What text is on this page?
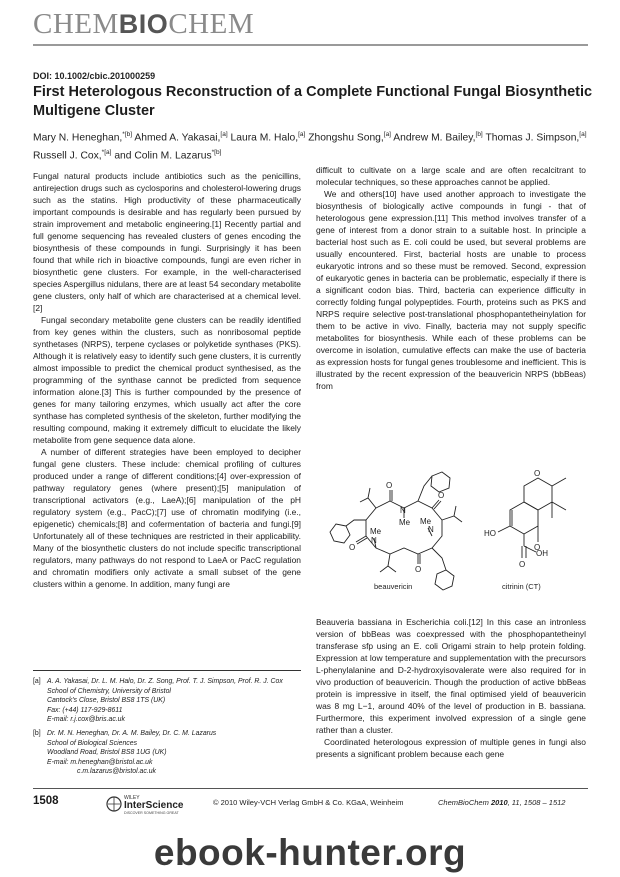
CHEMBIOCHEM
DOI: 10.1002/cbic.201000259
First Heterologous Reconstruction of a Complete Functional Fungal Biosynthetic Multigene Cluster
Mary N. Heneghan,$^{*[b]}$ Ahmed A. Yakasai,[a] Laura M. Halo,[a] Zhongshu Song,[a] Andrew M. Bailey,[b] Thomas J. Simpson,[a] Russell J. Cox,$^{*[a]}$ and Colin M. Lazarus$^{*[b]}$

Fungal natural products include antibiotics such as the penicillins, antirejection drugs such as cyclosporins and cholesterol-lowering drugs such as the statins. High productivity of these pharmaceutically important compounds is desirable and has regularly been pursued by strain improvement and metabolic engineering.[1] Recently partial and full genome sequencing has revealed clusters of genes encoding the biosynthesis of these compounds in fungi. Surprisingly it has been found that while rich in bioactive compounds, fungi are even richer in biosynthetic gene clusters. For example, in the well-characterised species Aspergillus nidulans, there are at least 54 secondary metabolite gene clusters, only half of which are characterised at a chemical level.[2]

Fungal secondary metabolite gene clusters can be readily identified from key genes within the clusters, such as nonribosomal peptide synthetases (NRPS), terpene cyclases or polyketide synthases (PKS). Although it is relatively easy to identify such gene clusters, it is currently almost impossible to predict the chemical product synthesised, as the programming of the synthase cannot be predicted from sequence information alone.[3] This is further compounded by the presence of genes for many tailoring enzymes, which usually act after the core synthase has completed synthesis of the skeleton, further modifying the resulting compound, making it extremely difficult to elucidate the likely metabolite from gene sequence data alone.

A number of different strategies have been employed to decipher fungal gene clusters. These include: chemical profiling of cultures produced under a range of different conditions;[4] over-expression of pathway regulatory genes (where present);[5] manipulation of transcriptional activators (e.g., LaeA);[6] manipulation of the pH regulatory system (e.g., PacC);[7] use of chromatin modifying (i.e., epigenetic) chemicals;[8] and cofermentation of bacteria and fungi.[9] Unfortunately all of these techniques are restricted in their applicability. Many of the biosynthetic clusters do not include specific transcriptional regulators, many pathways do not respond to LaeA or PacC regulation and chromatin modifiers only activate a small subset of the gene clusters within a genome. In addition, many fungi are

[a] A. A. Yakasai, Dr. L. M. Halo, Dr. Z. Song, Prof. T. J. Simpson, Prof. R. J. Cox
School of Chemistry, University of Bristol
Cantock's Close, Bristol BS8 1TS (UK)
Fax: (+44) 117-929-8611
E-mail: r.j.cox@bris.ac.uk
[b] Dr. M. N. Heneghan, Dr. A. M. Bailey, Dr. C. M. Lazarus
School of Biological Sciences
Woodland Road, Bristol BS8 1UG (UK)
E-mail: m.heneghan@bristol.ac.uk
c.m.lazarus@bristol.ac.uk

difficult to cultivate on a large scale and are often recalcitrant to molecular techniques, so these approaches cannot be applied.

We and others[10] have used another approach to investigate the biosynthesis of biologically active compounds in fungi - that of heterologous gene expression.[11] This method involves transfer of a gene of interest from a donor strain to a suitable host. In principle a bacterial host such as E. coli could be used, but several problems are usually encountered. First, bacterial hosts are unable to process eukaryotic introns and so these must be removed. Second, expression of eukaryotic genes in bacteria can be problematic, especially if there is a significant codon bias. Third, bacteria can experience difficulty in correctly folding fungal polypeptides. Fourth, proteins such as PKS and NRPS require selective post-translational phosphopantetheinylation for them to be active in vivo. Finally, bacteria may not supply specific metabolites for biosynthesis. While each of these problems can be overcome in isolation, cumulative effects can make the use of bacteria as expression hosts for fungal genes troublesome and inefficient. This is illustrated by the recent expression of the beauvericin NRPS (bbBeas) from

N
Me
O
N
Me
O
N
Me
O
O
O
HO
O
O
OH
beauvericin	citrinin (CT)

Beauveria bassiana in Escherichia coli.[12] In this case an intronless version of bbBeas was coexpressed with the phosphopantetheinyl transferase sfp using an E. coli Origami strain to help protein folding. Expression at low temperature and supplementation with the precursors L-phenylalanine and D-2-hydroxyisovalerate were also required for in vivo production of beauvericin. Though the production of active bbBeas protein is impressive in itself, the final optimised yield of beauvericin was 8 mg L−1, around 40% of the level of production in B. bassiana. Furthermore, this experiment involved expression of a single gene rather than a cluster.

Coordinated heterologous expression of multiple genes in fungi also presents a significant problem because each gene

1508	WILEY
InterScience
DISCOVER SOMETHING GREAT
© 2010 Wiley-VCH Verlag GmbH & Co. KGaA, Weinheim	ChemBioChem 2010, 11, 1508 – 1512
ebook-hunter.org
